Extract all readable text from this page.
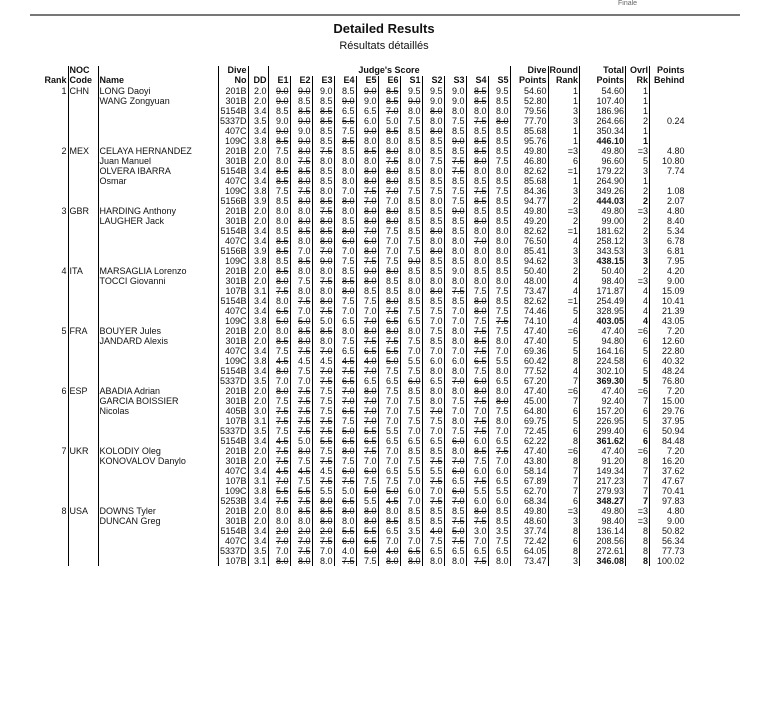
Finale
Detailed Results
Résultats détaillés
	NOC		Dive		Judge's Score											Dive	Round	Total	Ovrl	Points
Rank	Code	Name	No	DD	E1	E2	E3	E4	E5	E6	S1	S2	S3	S4	S5	Points	Rank	Points	Rk	Behind
1	CHN	LONG Daoyi	201B	2.0	9.0	9.0	9.0	8.5	9.0	8.5	9.5	9.5	9.0	8.5	9.5	54.60	1	54.60	1	
		WANG Zongyuan	301B	2.0	9.0	8.5	8.5	9.0	9.0	8.5	9.0	9.0	9.0	8.5	8.5	52.80	1	107.40	1	
			5154B	3.4	8.5	8.5	8.5	6.5	6.5	7.0	8.0	8.0	8.0	8.0	8.0	79.56	3	186.96	1	
			5337D	3.5	9.0	9.0	8.5	5.5	6.0	5.0	7.5	8.0	7.5	7.5	8.0	77.70	3	264.66	2	0.24
			407C	3.4	9.0	9.0	8.5	7.5	9.0	8.5	8.5	8.0	8.5	8.5	8.5	85.68	1	350.34	1	
			109C	3.8	8.5	9.0	8.5	8.5	8.0	8.0	8.5	8.5	9.0	8.5	8.5	95.76	1	446.10	1	
2	MEX	CELAYA HERNANDEZ	201B	2.0	7.5	8.0	7.5	8.5	8.5	8.0	8.0	8.5	8.5	8.5	8.5	49.80	=3	49.80	=3	4.80
		Juan Manuel	301B	2.0	8.0	7.5	8.0	8.0	8.0	7.5	8.0	7.5	7.5	8.0	7.5	46.80	6	96.60	5	10.80
		OLVERA IBARRA	5154B	3.4	8.5	8.5	8.5	8.0	8.0	8.0	8.5	8.0	7.5	8.0	8.0	82.62	=1	179.22	3	7.74
		Osmar	407C	3.4	8.5	8.0	8.5	8.0	8.0	8.0	8.5	8.5	8.5	8.5	8.5	85.68	1	264.90	1	
			109C	3.8	7.5	7.5	8.0	7.0	7.5	7.0	7.5	7.5	7.5	7.5	7.5	84.36	3	349.26	2	1.08
			5156B	3.9	8.5	8.0	8.5	8.0	7.0	7.0	8.5	8.0	7.5	8.5	8.5	94.77	2	444.03	2	2.07
3	GBR	HARDING Anthony	201B	2.0	8.0	8.0	7.5	8.0	8.0	8.0	8.5	8.5	9.0	8.5	8.5	49.80	=3	49.80	=3	4.80
		LAUGHER Jack	301B	2.0	8.0	8.0	8.0	8.5	8.0	8.0	8.5	8.5	8.5	8.0	8.5	49.20	2	99.00	2	8.40
			5154B	3.4	8.5	8.5	8.5	8.0	7.0	7.5	8.5	8.0	8.5	8.0	8.0	82.62	=1	181.62	2	5.34
			407C	3.4	8.5	8.0	8.0	6.0	6.0	7.0	7.5	8.0	8.0	7.0	8.0	76.50	4	258.12	3	6.78
			5156B	3.9	8.5	7.0	7.0	7.0	8.0	7.0	7.5	8.0	8.0	8.0	8.0	85.41	3	343.53	3	6.81
			109C	3.8	8.5	8.5	9.0	7.5	7.5	7.5	9.0	8.5	8.5	8.0	8.5	94.62	3	438.15	3	7.95
4	ITA	MARSAGLIA Lorenzo	201B	2.0	8.5	8.0	8.0	8.5	9.0	8.0	8.5	8.5	9.0	8.5	8.5	50.40	2	50.40	2	4.20
		TOCCI Giovanni	301B	2.0	8.0	7.5	7.5	8.5	8.0	8.5	8.0	8.0	8.0	8.0	8.0	48.00	4	98.40	=3	9.00
			107B	3.1	7.5	8.0	8.0	8.0	8.5	8.5	8.0	8.0	7.5	7.5	7.5	73.47	4	171.87	4	15.09
			5154B	3.4	8.0	7.5	8.0	7.5	7.5	8.0	8.5	8.5	8.5	8.0	8.5	82.62	=1	254.49	4	10.41
			407C	3.4	6.5	7.0	7.5	7.0	7.0	7.5	7.5	7.5	7.0	8.0	7.5	74.46	5	328.95	4	21.39
			109C	3.8	5.0	5.0	5.0	6.5	7.0	6.5	6.5	7.0	7.0	7.5	7.5	74.10	4	403.05	4	43.05
5	FRA	BOUYER Jules	201B	2.0	8.0	8.5	8.5	8.0	8.0	8.0	8.0	7.5	8.0	7.5	7.5	47.40	=6	47.40	=6	7.20
		JANDARD Alexis	301B	2.0	8.5	8.0	8.0	7.5	7.5	7.5	7.5	8.5	8.0	8.5	8.0	47.40	5	94.80	6	12.60
			407C	3.4	7.5	7.5	7.0	6.5	6.5	5.5	7.0	7.0	7.0	7.5	7.0	69.36	5	164.16	5	22.80
			109C	3.8	4.5	4.5	4.5	4.5	4.0	5.0	5.5	6.0	6.0	6.5	5.5	60.42	8	224.58	6	40.32
			5154B	3.4	8.0	7.5	7.0	7.5	7.0	7.5	7.5	8.0	8.0	7.5	8.0	77.52	4	302.10	5	48.24
			5337D	3.5	7.0	7.0	7.5	6.5	6.5	6.5	6.0	6.5	7.0	6.0	6.5	67.20	7	369.30	5	76.80
6	ESP	ABADIA Adrian	201B	2.0	8.0	7.5	7.5	7.0	8.0	7.5	8.5	8.0	8.0	8.0	8.0	47.40	=6	47.40	=6	7.20
		GARCIA BOISSIER	301B	2.0	7.5	7.5	7.5	7.0	7.0	7.0	7.5	8.0	7.5	7.5	8.0	45.00	7	92.40	7	15.00
		Nicolas	405B	3.0	7.5	7.5	7.5	6.5	7.0	7.0	7.5	7.0	7.0	7.0	7.5	64.80	6	157.20	6	29.76
			107B	3.1	7.5	7.5	7.5	7.5	7.0	7.0	7.5	7.5	8.0	7.5	8.0	69.75	5	226.95	5	37.95
			5337D	3.5	7.5	7.5	7.5	5.0	5.5	5.5	7.0	7.0	7.5	7.5	7.0	72.45	6	299.40	6	50.94
			5154B	3.4	4.5	5.0	5.5	6.5	6.5	6.5	6.5	6.5	6.0	6.0	6.5	62.22	8	361.62	6	84.48
7	UKR	KOLODIY Oleg	201B	2.0	7.5	8.0	7.5	8.0	7.5	7.0	8.5	8.5	8.0	8.5	7.5	47.40	=6	47.40	=6	7.20
		KONOVALOV Danylo	301B	2.0	7.5	7.5	7.5	7.5	7.0	7.0	7.5	7.5	7.0	7.5	7.0	43.80	8	91.20	8	16.20
			407C	3.4	4.5	4.5	4.5	6.0	6.0	6.5	5.5	5.5	6.0	6.0	6.0	58.14	7	149.34	7	37.62
			107B	3.1	7.0	7.5	7.5	7.5	7.5	7.5	7.0	7.5	6.5	7.5	6.5	67.89	7	217.23	7	47.67
			109C	3.8	5.5	5.5	5.5	5.0	5.0	5.0	6.0	7.0	6.0	5.5	5.5	62.70	7	279.93	7	70.41
			5253B	3.4	7.5	7.5	8.0	6.5	5.5	4.5	7.0	7.5	7.0	6.0	6.0	68.34	6	348.27	7	97.83
8	USA	DOWNS Tyler	201B	2.0	8.0	8.5	8.5	8.0	8.0	8.0	8.5	8.5	8.5	8.0	8.5	49.80	=3	49.80	=3	4.80
		DUNCAN Greg	301B	2.0	8.0	8.0	8.0	8.0	8.0	8.5	8.5	8.5	7.5	7.5	8.5	48.60	3	98.40	=3	9.00
			5154B	3.4	2.0	2.0	2.0	5.5	5.5	6.5	3.5	4.0	5.0	3.0	3.5	37.74	8	136.14	8	50.82
			407C	3.4	7.0	7.0	7.5	6.0	6.5	7.0	7.0	7.5	7.5	7.0	7.5	72.42	6	208.56	8	56.34
			5337D	3.5	7.0	7.5	7.0	4.0	5.0	4.0	6.5	6.5	6.5	6.5	6.5	64.05	8	272.61	8	77.73
			107B	3.1	8.0	8.0	8.0	7.5	7.5	8.0	8.0	8.0	8.0	7.5	8.0	73.47	3	346.08	8	100.02
